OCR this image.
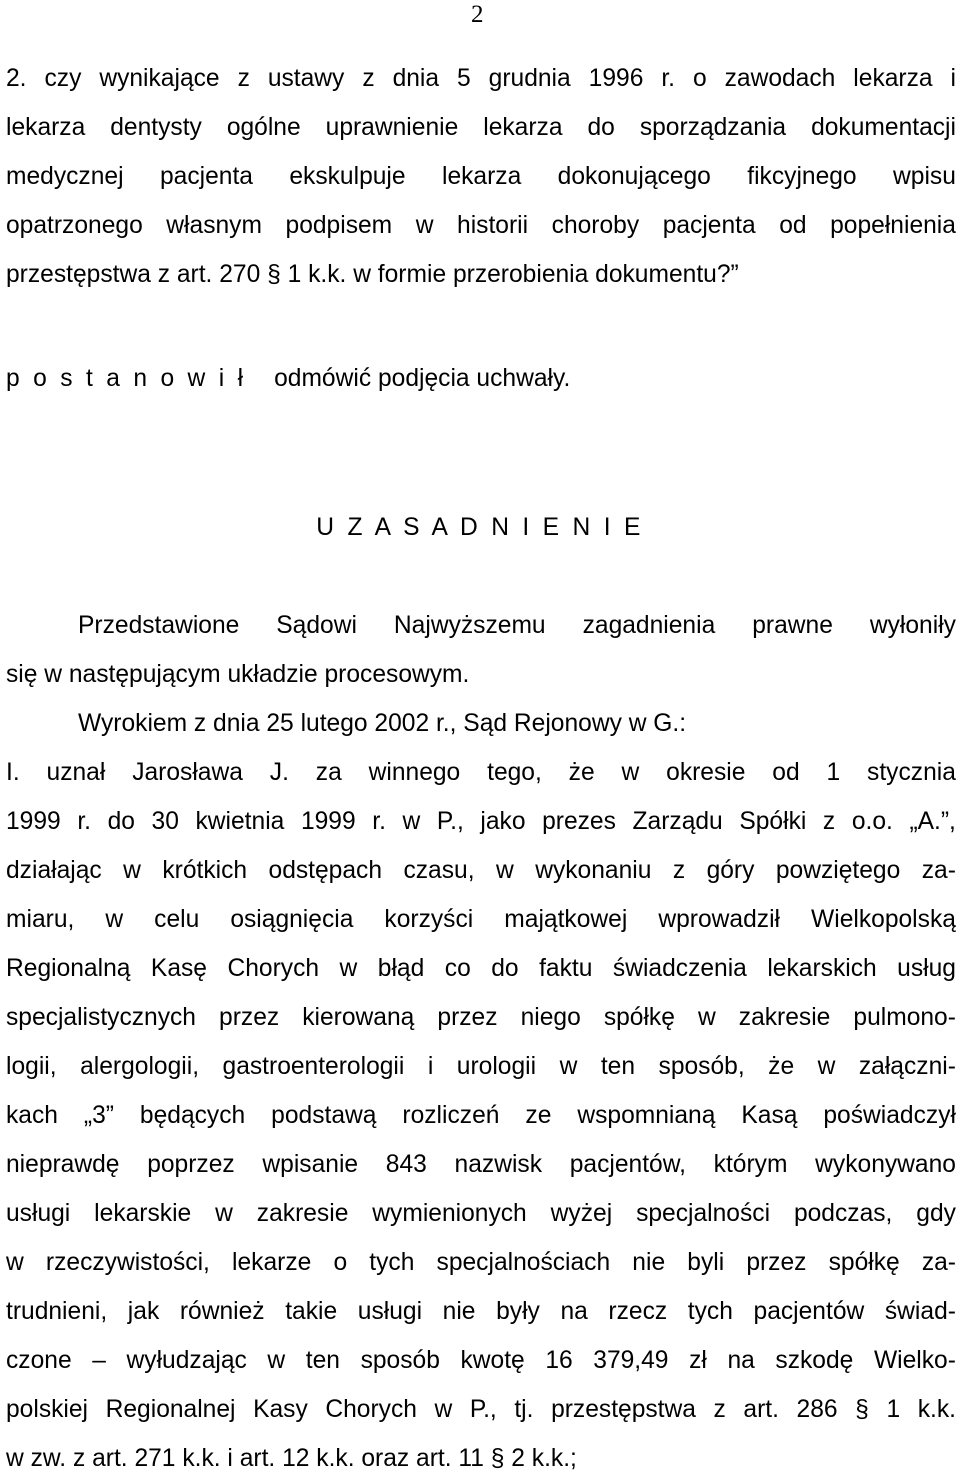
2
2. czy wynikające z ustawy z dnia 5 grudnia 1996 r. o zawodach lekarza i
lekarza dentysty ogólne uprawnienie lekarza do sporządzania dokumentacji
medycznej pacjenta ekskulpuje lekarza dokonującego fikcyjnego wpisu
opatrzonego własnym podpisem w historii choroby pacjenta od popełnienia
przestępstwa z art. 270 § 1 k.k. w formie przerobienia dokumentu?”
p o s t a n o w i ł odmówić podjęcia uchwały.
U Z A S A D N I E N I E
Przedstawione Sądowi Najwyższemu zagadnienia prawne wyłoniły
się w następującym układzie procesowym.
Wyrokiem z dnia 25 lutego 2002 r., Sąd Rejonowy w G.:
I. uznał Jarosława J. za winnego tego, że w okresie od 1 stycznia
1999 r. do 30 kwietnia 1999 r. w P., jako prezes Zarządu Spółki z o.o. „A.”,
działając w krótkich odstępach czasu, w wykonaniu z góry powziętego za-
miaru, w celu osiągnięcia korzyści majątkowej wprowadził Wielkopolską
Regionalną Kasę Chorych w błąd co do faktu świadczenia lekarskich usług
specjalistycznych przez kierowaną przez niego spółkę w zakresie pulmono-
logii, alergologii, gastroenterologii i urologii w ten sposób, że w załączni-
kach „3” będących podstawą rozliczeń ze wspomnianą Kasą poświadczył
nieprawdę poprzez wpisanie 843 nazwisk pacjentów, którym wykonywano
usługi lekarskie w zakresie wymienionych wyżej specjalności podczas, gdy
w rzeczywistości, lekarze o tych specjalnościach nie byli przez spółkę za-
trudnieni, jak również takie usługi nie były na rzecz tych pacjentów świad-
czone – wyłudzając w ten sposób kwotę 16 379,49 zł na szkodę Wielko-
polskiej Regionalnej Kasy Chorych w P., tj. przestępstwa z art. 286 § 1 k.k.
w zw. z art. 271 k.k. i art. 12 k.k. oraz art. 11 § 2 k.k.;
